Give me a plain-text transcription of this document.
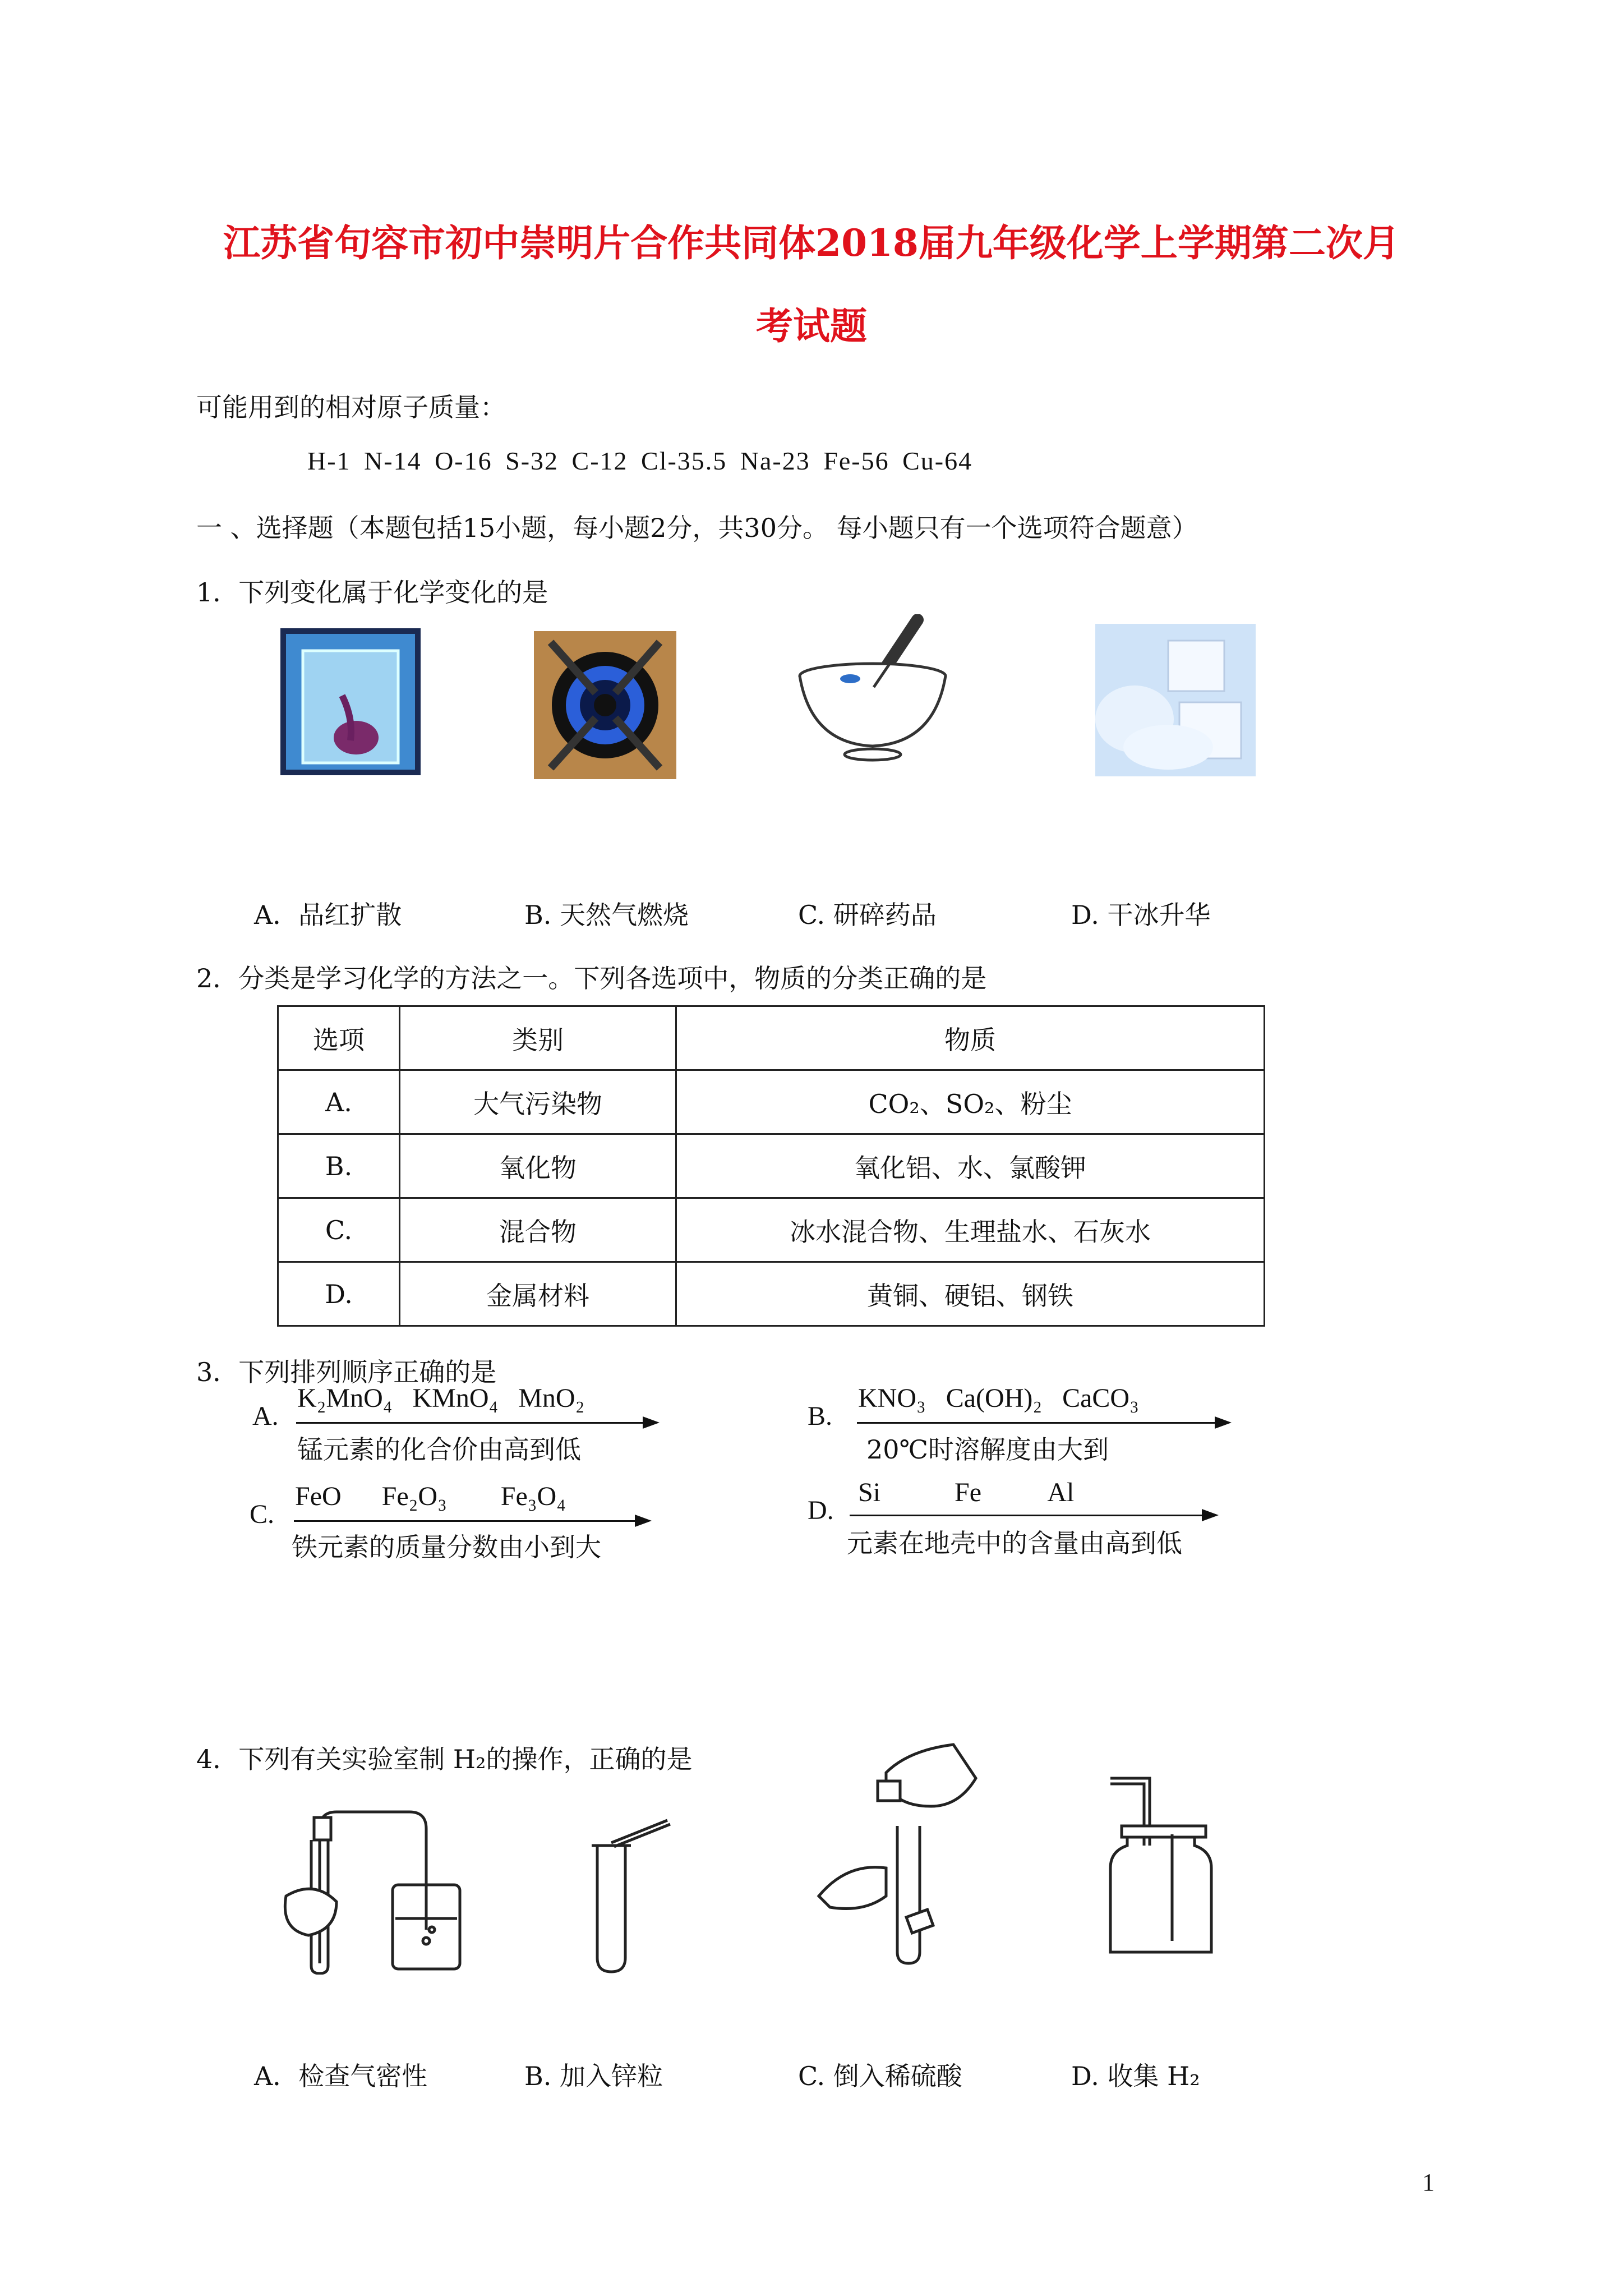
江苏省句容市初中崇明片合作共同体2018届九年级化学上学期第二次月
考试题
可能用到的相对原子质量：
H-1 N-14 O-16 S-32 C-12 Cl-35.5 Na-23 Fe-56 Cu-64
一 、选择题（本题包括15小题，每小题2分，共30分。 每小题只有一个选项符合题意）
1．下列变化属于化学变化的是
A．品红扩散	B. 天然气燃烧	C. 研碎药品	D. 干冰升华
2．分类是学习化学的方法之一。下列各选项中，物质的分类正确的是
选项	类别	物质
A.	大气污染物	CO₂、SO₂、粉尘
B.	氧化物	氧化铝、水、氯酸钾
C.	混合物	冰水混合物、生理盐水、石灰水
D.	金属材料	黄铜、硬铝、钢铁
3．下列排列顺序正确的是
A.
K₂MnO₄   KMnO₄   MnO₂
锰元素的化合价由高到低
B.
KNO₃   Ca(OH)₂   CaCO₃
20℃时溶解度由大到
C.
FeO      Fe₂O₃        Fe₃O₄
铁元素的质量分数由小到大
D.
Si           Fe          Al
元素在地壳中的含量由高到低
4．下列有关实验室制 H₂的操作，正确的是
A．检查气密性	B. 加入锌粒	C. 倒入稀硫酸	D. 收集 H₂
1
